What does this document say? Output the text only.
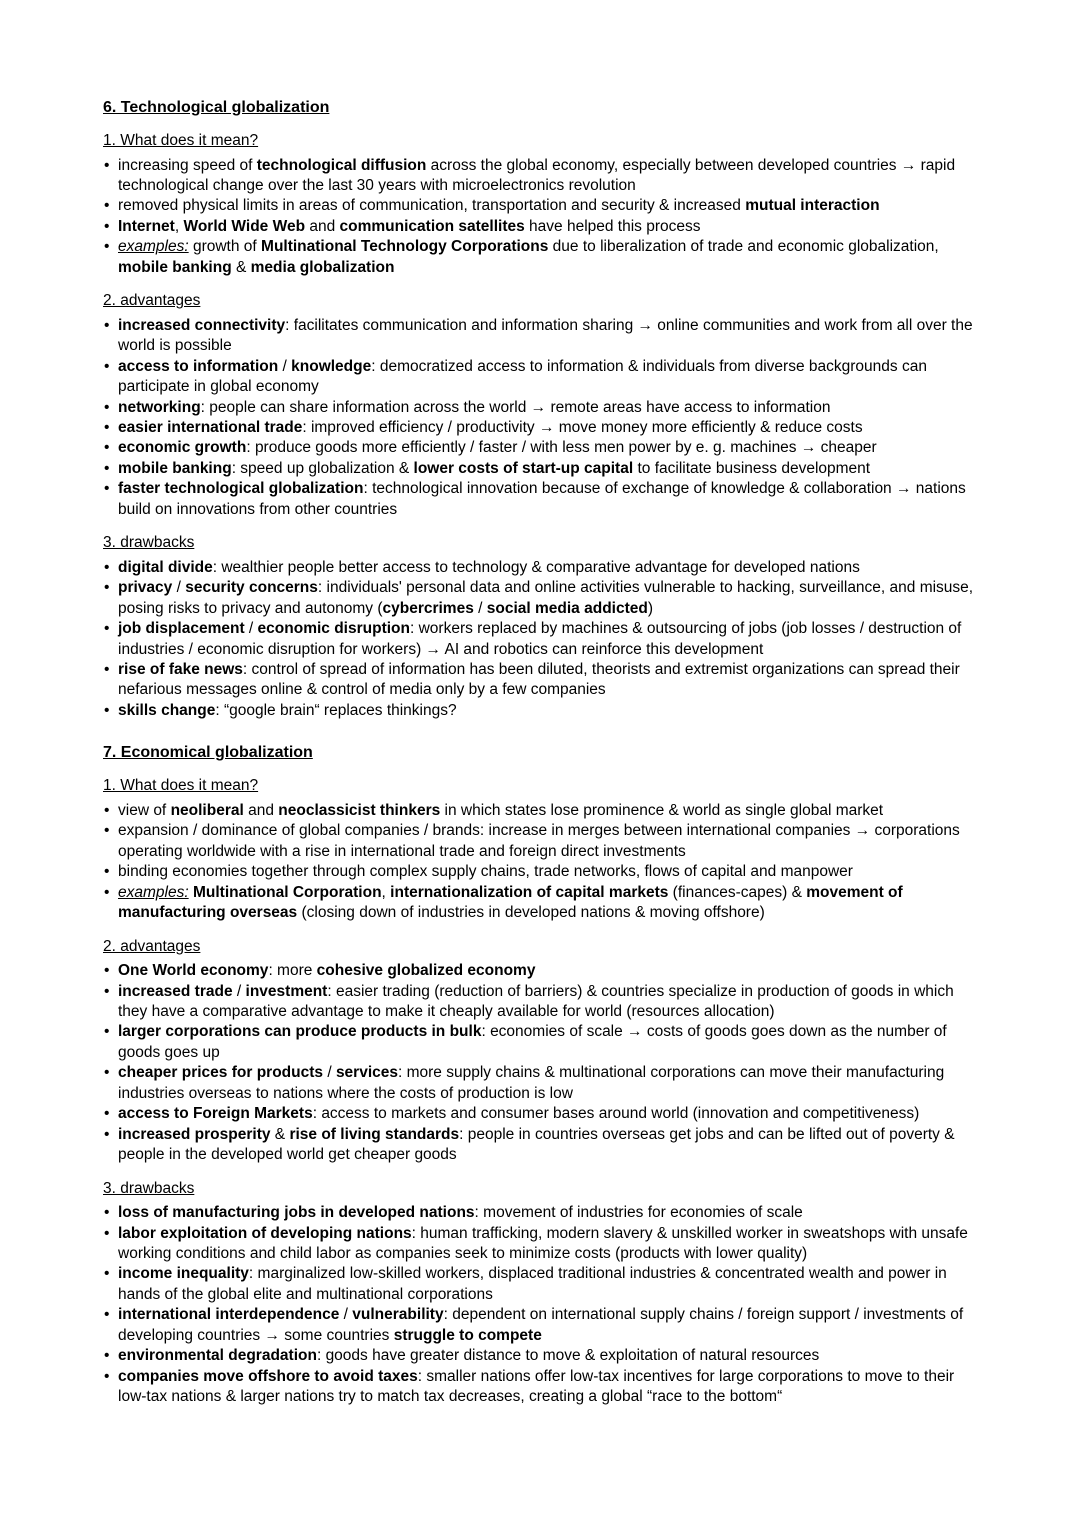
6. Technological globalization
1. What does it mean?
• increasing speed of technological diffusion across the global economy, especially between developed countries → rapid technological change over the last 30 years with microelectronics revolution
• removed physical limits in areas of communication, transportation and security & increased mutual interaction
• Internet, World Wide Web and communication satellites have helped this process
• examples: growth of Multinational Technology Corporations due to liberalization of trade and economic globalization, mobile banking & media globalization
2. advantages
• increased connectivity: facilitates communication and information sharing → online communities and work from all over the world is possible
• access to information / knowledge: democratized access to information & individuals from diverse backgrounds can participate in global economy
• networking: people can share information across the world → remote areas have access to information
• easier international trade: improved efficiency / productivity → move money more efficiently & reduce costs
• economic growth: produce goods more efficiently / faster / with less men power by e. g. machines → cheaper
• mobile banking: speed up globalization & lower costs of start-up capital to facilitate business development
• faster technological globalization: technological innovation because of exchange of knowledge & collaboration → nations build on innovations from other countries
3. drawbacks
• digital divide: wealthier people better access to technology & comparative advantage for developed nations
• privacy / security concerns: individuals' personal data and online activities vulnerable to hacking, surveillance, and misuse, posing risks to privacy and autonomy (cybercrimes / social media addicted)
• job displacement / economic disruption: workers replaced by machines & outsourcing of jobs (job losses / destruction of industries / economic disruption for workers) → AI and robotics can reinforce this development
• rise of fake news: control of spread of information has been diluted, theorists and extremist organizations can spread their nefarious messages online & control of media only by a few companies
• skills change: “google brain“ replaces thinkings?
7. Economical globalization
1. What does it mean?
• view of neoliberal and neoclassicist thinkers in which states lose prominence & world as single global market
• expansion / dominance of global companies / brands: increase in merges between international companies → corporations operating worldwide with a rise in international trade and foreign direct investments
• binding economies together through complex supply chains, trade networks, flows of capital and manpower
• examples: Multinational Corporation, internationalization of capital markets (finances-capes) & movement of manufacturing overseas (closing down of industries in developed nations & moving offshore)
2. advantages
• One World economy: more cohesive globalized economy
• increased trade / investment: easier trading (reduction of barriers) & countries specialize in production of goods in which they have a comparative advantage to make it cheaply available for world (resources allocation)
• larger corporations can produce products in bulk: economies of scale → costs of goods goes down as the number of goods goes up
• cheaper prices for products / services: more supply chains & multinational corporations can move their manufacturing industries overseas to nations where the costs of production is low
• access to Foreign Markets: access to markets and consumer bases around world (innovation and competitiveness)
• increased prosperity & rise of living standards: people in countries overseas get jobs and can be lifted out of poverty & people in the developed world get cheaper goods
3. drawbacks
• loss of manufacturing jobs in developed nations: movement of industries for economies of scale
• labor exploitation of developing nations: human trafficking, modern slavery & unskilled worker in sweatshops with unsafe working conditions and child labor as companies seek to minimize costs (products with lower quality)
• income inequality: marginalized low-skilled workers, displaced traditional industries & concentrated wealth and power in hands of the global elite and multinational corporations
• international interdependence / vulnerability: dependent on international supply chains / foreign support / investments of developing countries → some countries struggle to compete
• environmental degradation: goods have greater distance to move & exploitation of natural resources
• companies move offshore to avoid taxes: smaller nations offer low-tax incentives for large corporations to move to their low-tax nations & larger nations try to match tax decreases, creating a global “race to the bottom“
